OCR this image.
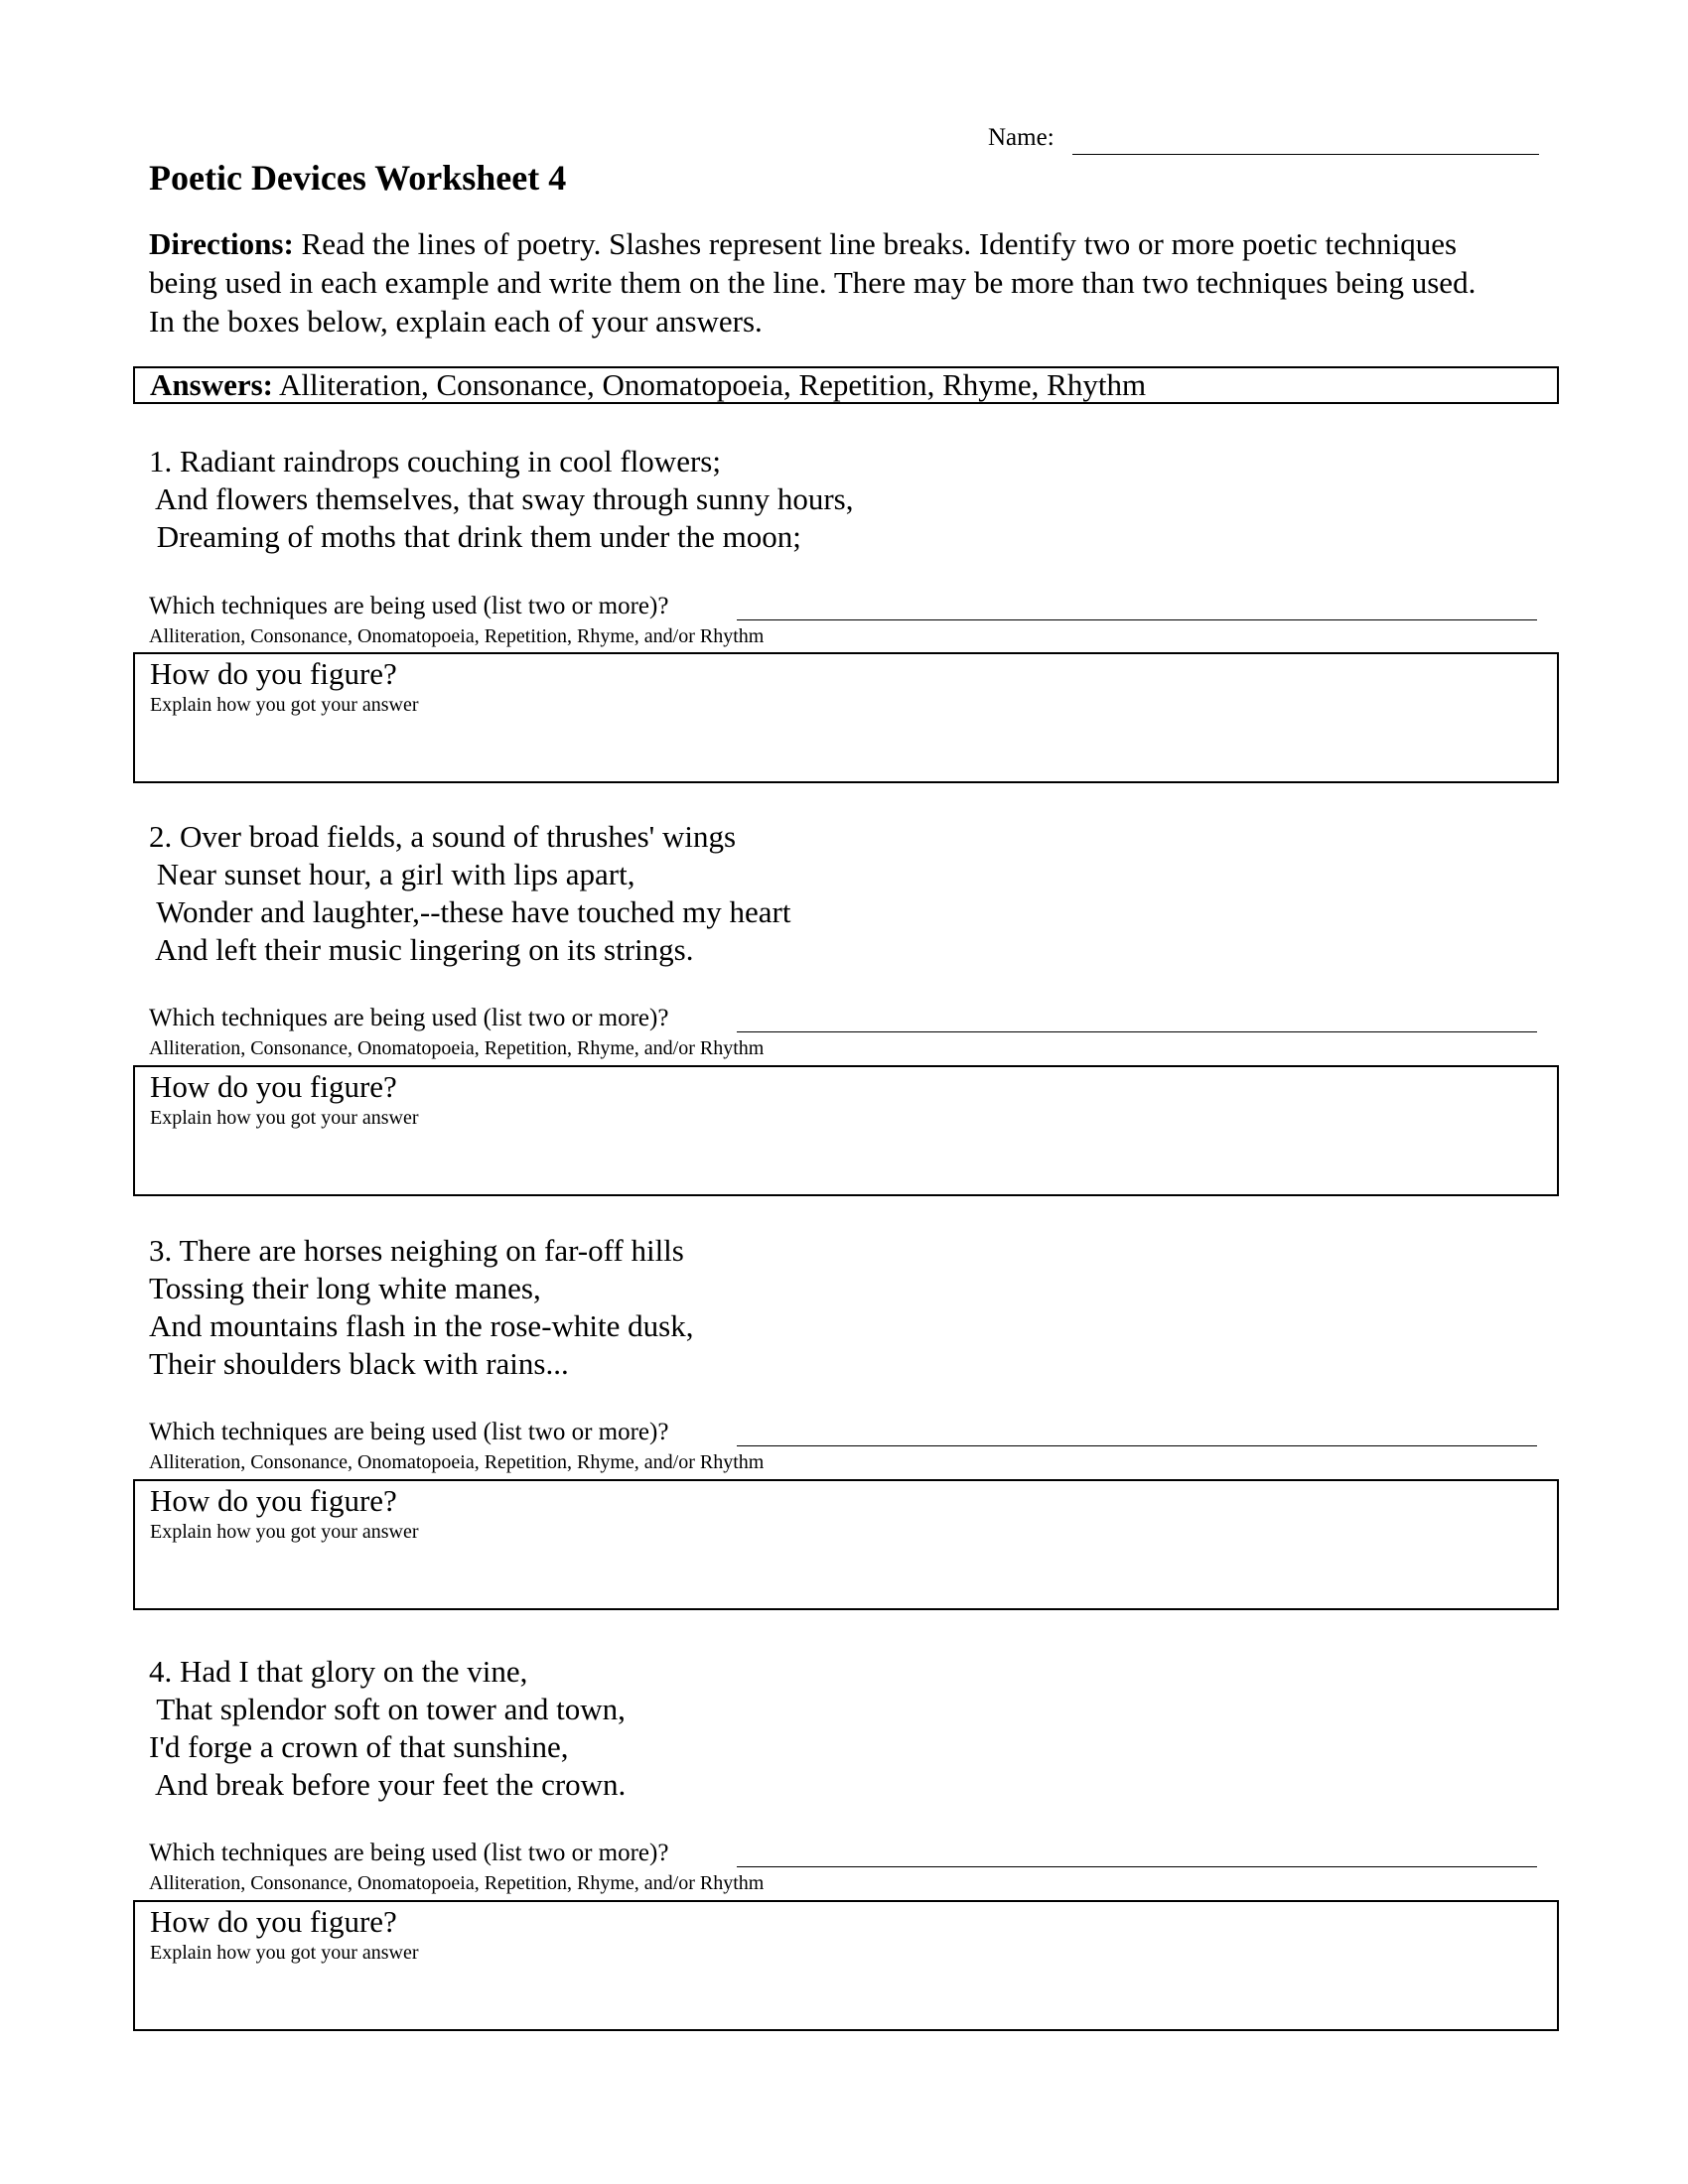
Name:
Poetic Devices Worksheet 4
Directions: Read the lines of poetry. Slashes represent line breaks. Identify two or more poetic techniques being used in each example and write them on the line. There may be more than two techniques being used. In the boxes below, explain each of your answers.
Answers: Alliteration, Consonance, Onomatopoeia, Repetition, Rhyme, Rhythm
1. Radiant raindrops couching in cool flowers;
And flowers themselves, that sway through sunny hours,
Dreaming of moths that drink them under the moon;
Which techniques are being used (list two or more)?
Alliteration, Consonance, Onomatopoeia, Repetition, Rhyme, and/or Rhythm
How do you figure?
Explain how you got your answer
2. Over broad fields, a sound of thrushes' wings
Near sunset hour, a girl with lips apart,
Wonder and laughter,--these have touched my heart
And left their music lingering on its strings.
Which techniques are being used (list two or more)?
Alliteration, Consonance, Onomatopoeia, Repetition, Rhyme, and/or Rhythm
How do you figure?
Explain how you got your answer
3. There are horses neighing on far-off hills
Tossing their long white manes,
And mountains flash in the rose-white dusk,
Their shoulders black with rains...
Which techniques are being used (list two or more)?
Alliteration, Consonance, Onomatopoeia, Repetition, Rhyme, and/or Rhythm
How do you figure?
Explain how you got your answer
4. Had I that glory on the vine,
That splendor soft on tower and town,
I'd forge a crown of that sunshine,
And break before your feet the crown.
Which techniques are being used (list two or more)?
Alliteration, Consonance, Onomatopoeia, Repetition, Rhyme, and/or Rhythm
How do you figure?
Explain how you got your answer
